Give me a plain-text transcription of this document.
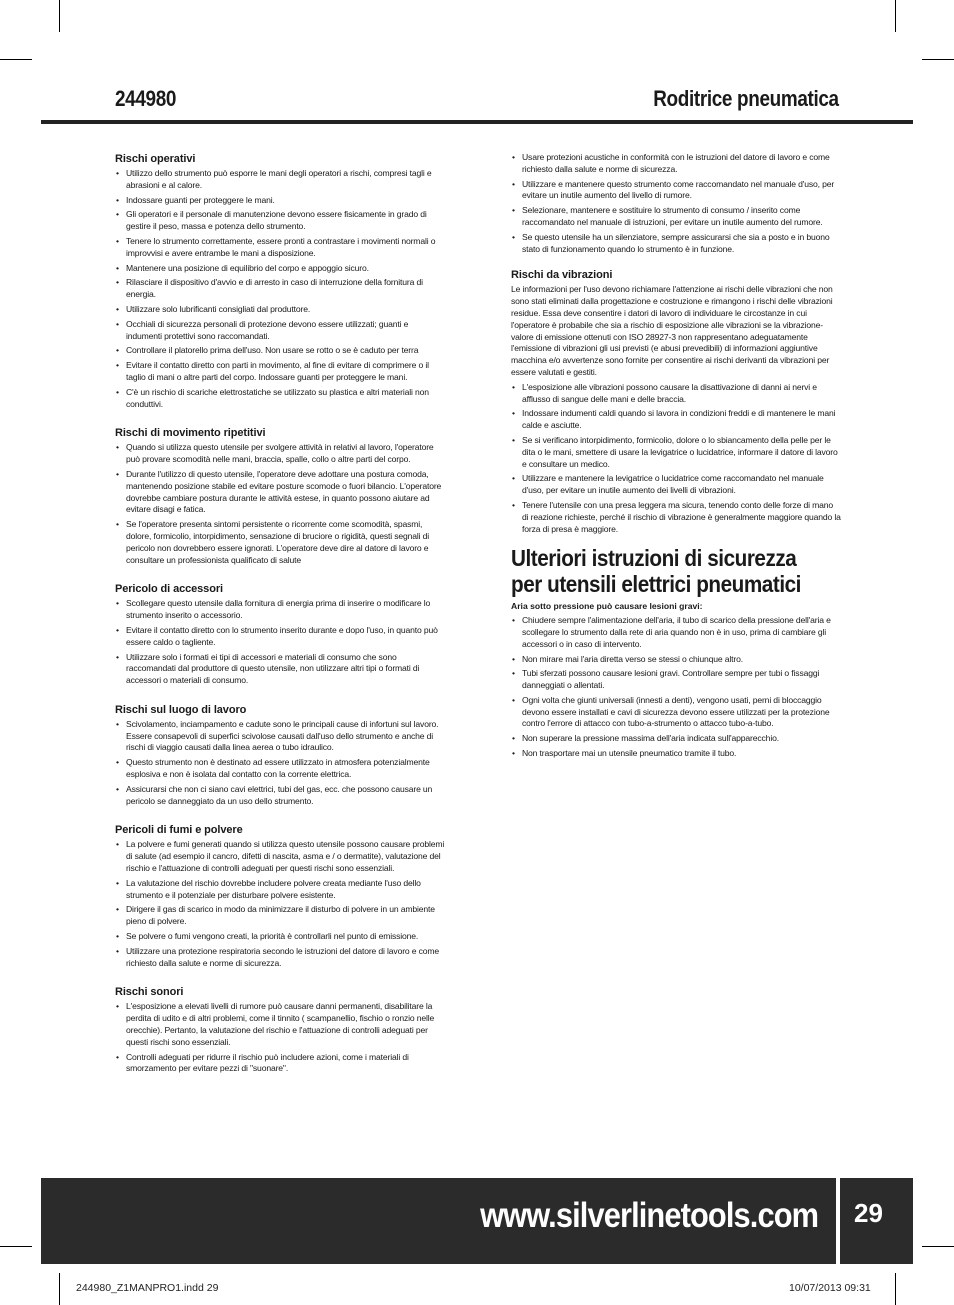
244980	Roditrice pneumatica
Rischi operativi
• Utilizzo dello strumento può esporre le mani degli operatori a rischi, compresi tagli e abrasioni e al calore.
• Indossare guanti per proteggere le mani.
• Gli operatori e il personale di manutenzione devono essere fisicamente in grado di gestire il peso, massa e potenza dello strumento.
• Tenere lo strumento correttamente, essere pronti a contrastare i movimenti normali o improvvisi e avere entrambe le mani a disposizione.
• Mantenere una posizione di equilibrio del corpo e appoggio sicuro.
• Rilasciare il dispositivo d'avvio e di arresto in caso di interruzione della fornitura di energia.
• Utilizzare solo lubrificanti consigliati dal produttore.
• Occhiali di sicurezza personali di protezione devono essere utilizzati; guanti e indumenti protettivi sono raccomandati.
• Controllare il platorello prima dell'uso. Non usare se rotto o se è caduto per terra
• Evitare il contatto diretto con parti in movimento, al fine di evitare di comprimere o il taglio di mani o altre parti del corpo. Indossare guanti per proteggere le mani.
• C'è un rischio di scariche elettrostatiche se utilizzato su plastica e altri materiali non conduttivi.
Rischi di movimento ripetitivi
• Quando si utilizza questo utensile per svolgere attività in relativi al lavoro, l'operatore può provare scomodità nelle mani, braccia, spalle, collo o altre parti del corpo.
• Durante l'utilizzo di questo utensile, l'operatore deve adottare una postura comoda, mantenendo posizione stabile ed evitare posture scomode o fuori bilancio. L'operatore dovrebbe cambiare postura durante le attività estese, in quanto possono aiutare ad evitare disagi e fatica.
• Se l'operatore presenta sintomi persistente o ricorrente come scomodità, spasmi, dolore, formicolio, intorpidimento, sensazione di bruciore o rigidità, questi segnali di pericolo non dovrebbero essere ignorati. L'operatore deve dire al datore di lavoro e consultare un professionista qualificato di salute
Pericolo di accessori
• Scollegare questo utensile dalla fornitura di energia prima di inserire o modificare lo strumento inserito o accessorio.
• Evitare il contatto diretto con lo strumento inserito durante e dopo l'uso, in quanto può essere caldo o tagliente.
• Utilizzare solo i formati ei tipi di accessori e materiali di consumo che sono raccomandati dal produttore di questo utensile, non utilizzare altri tipi o formati di accessori o materiali di consumo.
Rischi sul luogo di lavoro
• Scivolamento, inciampamento e cadute sono le principali cause di infortuni sul lavoro. Essere consapevoli di superfici scivolose causati dall'uso dello strumento e anche di rischi di viaggio causati dalla linea aerea o tubo idraulico.
• Questo strumento non è destinato ad essere utilizzato in atmosfera potenzialmente esplosiva e non è isolata dal contatto con la corrente elettrica.
• Assicurarsi che non ci siano cavi elettrici, tubi del gas, ecc. che possono causare un pericolo se danneggiato da un uso dello strumento.
Pericoli di fumi e polvere
• La polvere e fumi generati quando si utilizza questo utensile possono causare problemi di salute (ad esempio il cancro, difetti di nascita, asma e / o dermatite), valutazione del rischio e l'attuazione di controlli adeguati per questi rischi sono essenziali.
• La valutazione del rischio dovrebbe includere polvere creata mediante l'uso dello strumento e il potenziale per disturbare polvere esistente.
• Dirigere il gas di scarico in modo da minimizzare il disturbo di polvere in un ambiente pieno di polvere.
• Se polvere o fumi vengono creati, la priorità è controllarli nel punto di emissione.
• Utilizzare una protezione respiratoria secondo le istruzioni del datore di lavoro e come richiesto dalla salute e norme di sicurezza.
Rischi sonori
• L'esposizione a elevati livelli di rumore può causare danni permanenti, disabilitare la perdita di udito e di altri problemi, come il tinnito ( scampanellio, fischio o ronzio nelle orecchie). Pertanto, la valutazione del rischio e l'attuazione di controlli adeguati per questi rischi sono essenziali.
• Controlli adeguati per ridurre il rischio può includere azioni, come i materiali di smorzamento per evitare pezzi di "suonare".
• Usare protezioni acustiche in conformità con le istruzioni del datore di lavoro e come richiesto dalla salute e norme di sicurezza.
• Utilizzare e mantenere questo strumento come raccomandato nel manuale d'uso, per evitare un inutile aumento del livello di rumore.
• Selezionare, mantenere e sostituire lo strumento di consumo / inserito come raccomandato nel manuale di istruzioni, per evitare un inutile aumento del rumore.
• Se questo utensile ha un silenziatore, sempre assicurarsi che sia a posto e in buono stato di funzionamento quando lo strumento è in funzione.
Rischi da vibrazioni

Le informazioni per l'uso devono richiamare l'attenzione ai rischi delle vibrazioni che non sono stati eliminati dalla progettazione e costruzione e rimangono i rischi delle vibrazioni residue. Essa deve consentire i datori di lavoro di individuare le circostanze in cui l'operatore è probabile che sia a rischio di esposizione alle vibrazioni se la vibrazione-valore di emissione ottenuti con ISO 28927-3 non rappresentano adeguatamente l'emissione di vibrazioni gli usi previsti (e abusi prevedibili) di informazioni aggiuntive macchina e/o avvertenze sono fornite per consentire ai rischi derivanti da vibrazioni per essere valutati e gestiti.

• L'esposizione alle vibrazioni possono causare la disattivazione di danni ai nervi e afflusso di sangue delle mani e delle braccia.
• Indossare indumenti caldi quando si lavora in condizioni freddi e di mantenere le mani calde e asciutte.
• Se si verificano intorpidimento, formicolio, dolore o lo sbiancamento della pelle per le dita o le mani, smettere di usare la levigatrice o lucidatrice, informare il datore di lavoro e consultare un medico.
• Utilizzare e mantenere la levigatrice o lucidatrice come raccomandato nel manuale d'uso, per evitare un inutile aumento dei livelli di vibrazioni.
• Tenere l'utensile con una presa leggera ma sicura, tenendo conto delle forze di mano di reazione richieste, perché il rischio di vibrazione è generalmente maggiore quando la forza di presa è maggiore.
Ulteriori istruzioni di sicurezza
per utensili elettrici pneumatici

Aria sotto pressione può causare lesioni gravi:

• Chiudere sempre l'alimentazione dell'aria, il tubo di scarico della pressione dell'aria e scollegare lo strumento dalla rete di aria quando non è in uso, prima di cambiare gli accessori o in caso di intervento.
• Non mirare mai l'aria diretta verso se stessi o chiunque altro.
• Tubi sferzati possono causare lesioni gravi. Controllare sempre per tubi o fissaggi danneggiati o allentati.
• Ogni volta che giunti universali (innesti a denti), vengono usati, perni di bloccaggio devono essere installati e cavi di sicurezza devono essere utilizzati per la protezione contro l'errore di attacco con tubo-a-strumento o attacco tubo-a-tubo.
• Non superare la pressione massima dell'aria indicata sull'apparecchio.
• Non trasportare mai un utensile pneumatico tramite il tubo.
www.silverlinetools.com 29
244980_Z1MANPRO1.indd 29	10/07/2013 09:31
